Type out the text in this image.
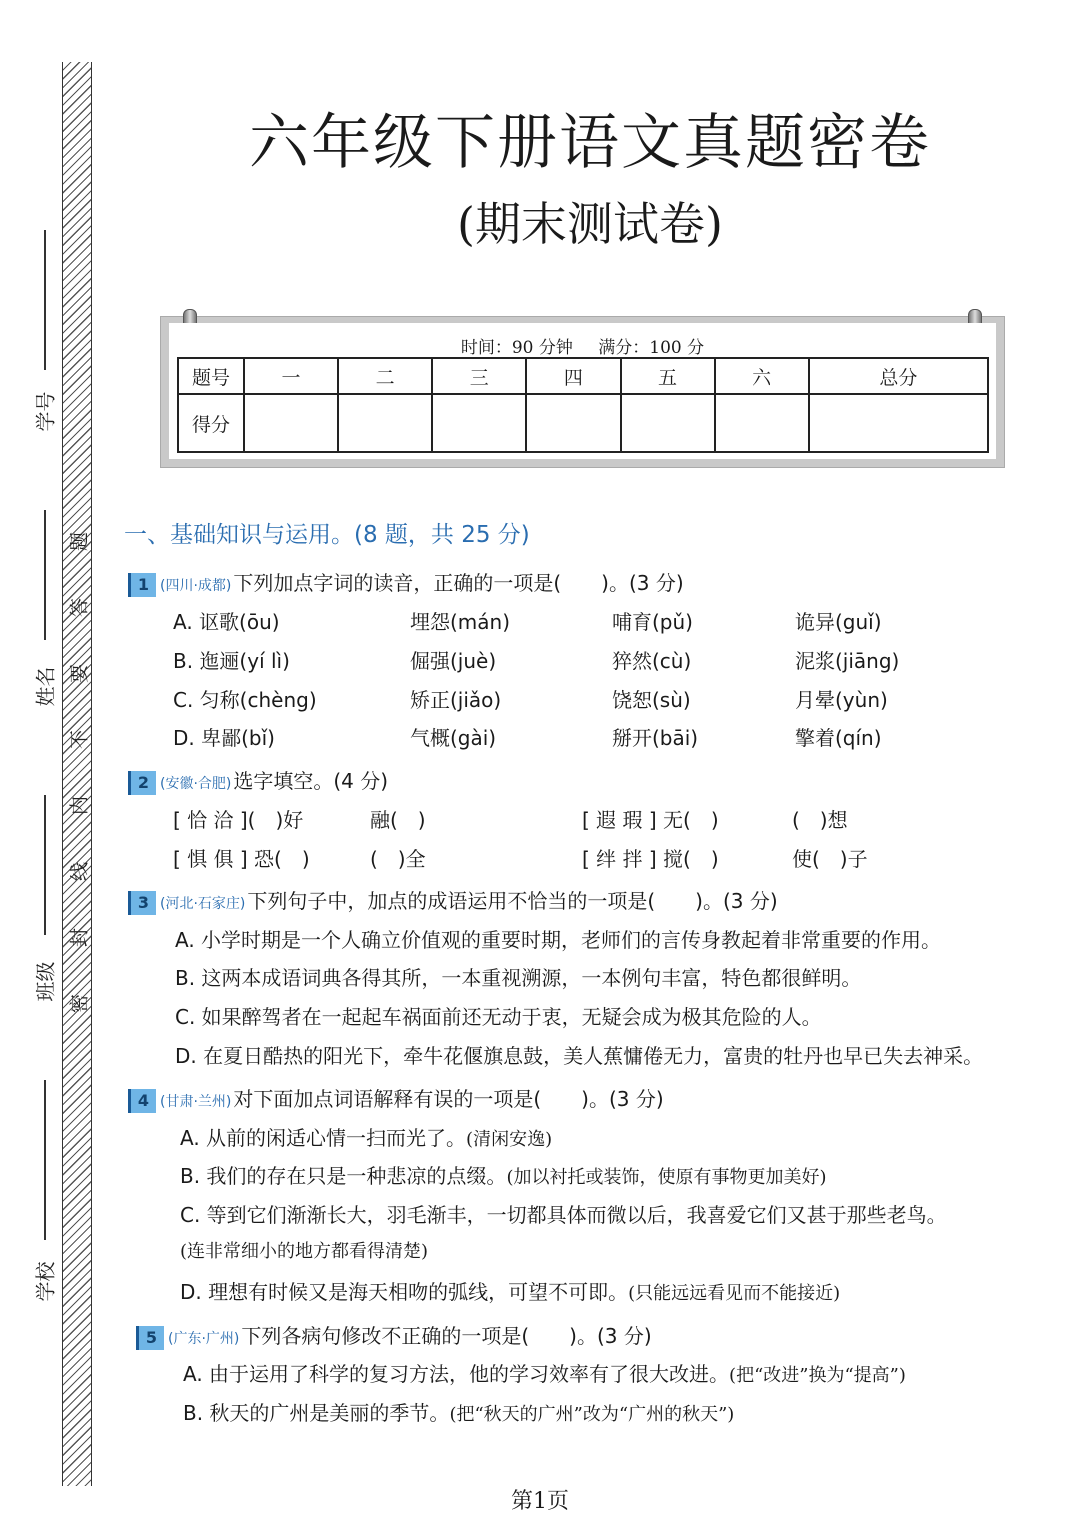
学号
姓名
班级
学校
题
答
要
不
内
线
封
密
六年级下册语文真题密卷
(期末测试卷)
时间：90 分钟 满分：100 分
题号	一	二	三	四	五	六	总分
得分							
一、基础知识与运用。(8 题，共 25 分)
1 (四川·成都) 下列加点字词的读音，正确的一项是(　　)。(3 分)
A. 讴歌(ōu)	埋怨(mán)	哺育(pǔ)	诡异(guǐ)
B. 迤逦(yí lì)	倔强(juè)	猝然(cù)	泥浆(jiāng)
C. 匀称(chèng)	矫正(jiǎo)	饶恕(sù)	月晕(yùn)
D. 卑鄙(bǐ)	气概(gài)	掰开(bāi)	擎着(qín)
2 (安徽·合肥) 选字填空。(4 分)
[ 恰 洽 ](　)好	融(　)	[ 遐 瑕 ] 无(　)	(　)想
[ 惧 俱 ] 恐(　)	(　)全	[ 绊 拌 ] 搅(　)	使(　)子
3 (河北·石家庄) 下列句子中，加点的成语运用不恰当的一项是(　　)。(3 分)
A. 小学时期是一个人确立价值观的重要时期，老师们的言传身教起着非常重要的作用。
B. 这两本成语词典各得其所，一本重视溯源，一本例句丰富，特色都很鲜明。
C. 如果醉驾者在一起起车祸面前还无动于衷，无疑会成为极其危险的人。
D. 在夏日酷热的阳光下，牵牛花偃旗息鼓，美人蕉慵倦无力，富贵的牡丹也早已失去神采。
4 (甘肃·兰州) 对下面加点词语解释有误的一项是(　　)。(3 分)
A. 从前的闲适心情一扫而光了。(清闲安逸)
B. 我们的存在只是一种悲凉的点缀。(加以衬托或装饰，使原有事物更加美好)
C. 等到它们渐渐长大，羽毛渐丰，一切都具体而微以后，我喜爱它们又甚于那些老鸟。
(连非常细小的地方都看得清楚)
D. 理想有时候又是海天相吻的弧线，可望不可即。(只能远远看见而不能接近)
5 (广东·广州) 下列各病句修改不正确的一项是(　　)。(3 分)
A. 由于运用了科学的复习方法，他的学习效率有了很大改进。(把“改进”换为“提高”)
B. 秋天的广州是美丽的季节。(把“秋天的广州”改为“广州的秋天”)
第1页
